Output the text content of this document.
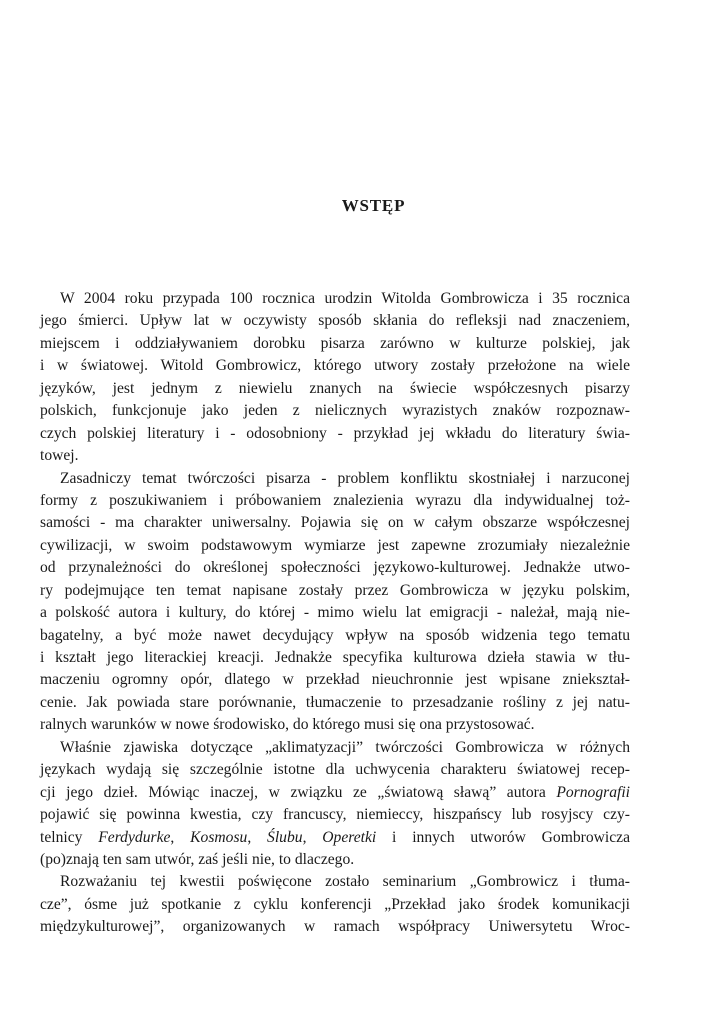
WSTĘP
W 2004 roku przypada 100 rocznica urodzin Witolda Gombrowicza i 35 rocznica
jego śmierci. Upływ lat w oczywisty sposób skłania do refleksji nad znaczeniem,
miejscem i oddziaływaniem dorobku pisarza zarówno w kulturze polskiej, jak
i w światowej. Witold Gombrowicz, którego utwory zostały przełożone na wiele
języków, jest jednym z niewielu znanych na świecie współczesnych pisarzy
polskich, funkcjonuje jako jeden z nielicznych wyrazistych znaków rozpoznaw-
czych polskiej literatury i - odosobniony - przykład jej wkładu do literatury świa-
towej.
Zasadniczy temat twórczości pisarza - problem konfliktu skostniałej i narzuconej
formy z poszukiwaniem i próbowaniem znalezienia wyrazu dla indywidualnej toż-
samości - ma charakter uniwersalny. Pojawia się on w całym obszarze współczesnej
cywilizacji, w swoim podstawowym wymiarze jest zapewne zrozumiały niezależnie
od przynależności do określonej społeczności językowo-kulturowej. Jednakże utwo-
ry podejmujące ten temat napisane zostały przez Gombrowicza w języku polskim,
a polskość autora i kultury, do której - mimo wielu lat emigracji - należał, mają nie-
bagatelny, a być może nawet decydujący wpływ na sposób widzenia tego tematu
i kształt jego literackiej kreacji. Jednakże specyfika kulturowa dzieła stawia w tłu-
maczeniu ogromny opór, dlatego w przekład nieuchronnie jest wpisane zniekształ-
cenie. Jak powiada stare porównanie, tłumaczenie to przesadzanie rośliny z jej natu-
ralnych warunków w nowe środowisko, do którego musi się ona przystosować.
Właśnie zjawiska dotyczące „aklimatyzacji” twórczości Gombrowicza w różnych
językach wydają się szczególnie istotne dla uchwycenia charakteru światowej recep-
cji jego dzieł. Mówiąc inaczej, w związku ze „światową sławą” autora Pornografii
pojawić się powinna kwestia, czy francuscy, niemieccy, hiszpańscy lub rosyjscy czy-
telnicy Ferdydurke, Kosmosu, Ślubu, Operetki i innych utworów Gombrowicza
(po)znają ten sam utwór, zaś jeśli nie, to dlaczego.
Rozważaniu tej kwestii poświęcone zostało seminarium „Gombrowicz i tłuma-
cze”, ósme już spotkanie z cyklu konferencji „Przekład jako środek komunikacji
międzykulturowej”, organizowanych w ramach współpracy Uniwersytetu Wroc-
